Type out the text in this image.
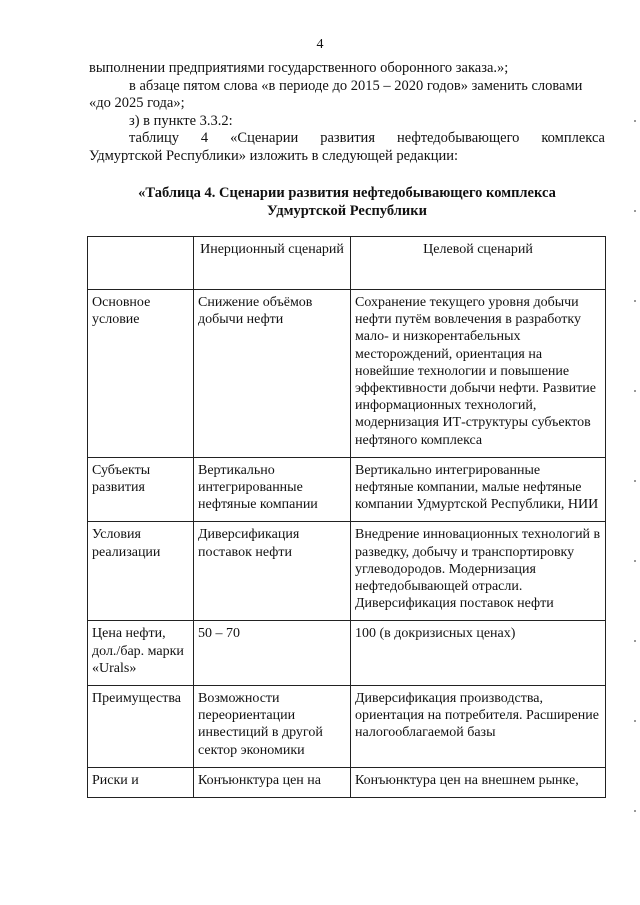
4

выполнении предприятиями государственного оборонного заказа.»;

в абзаце пятом слова «в периоде до 2015 – 2020 годов» заменить словами «до 2025 года»;

з) в пункте 3.3.2:

таблицу 4 «Сценарии развития нефтедобывающего комплекса

Удмуртской Республики» изложить в следующей редакции:

«Таблица 4. Сценарии развития нефтедобывающего комплекса
Удмуртской Республики
	Инерционный сценарий	Целевой сценарий
Основное условие	Снижение объёмов добычи нефти	Сохранение текущего уровня добычи нефти путём вовлечения в разработку мало- и низкорентабельных месторождений, ориентация на новейшие технологии и повышение эффективности добычи нефти. Развитие информационных технологий, модернизация ИТ-структуры субъектов нефтяного комплекса
Субъекты развития	Вертикально интегрированные нефтяные компании	Вертикально интегрированные нефтяные компании, малые нефтяные компании Удмуртской Республики, НИИ
Условия реализации	Диверсификация поставок нефти	Внедрение инновационных технологий в разведку, добычу и транспортировку углеводородов. Модернизация нефтедобывающей отрасли. Диверсификация поставок нефти
Цена нефти, дол./бар. марки «Urals»	50 – 70	100 (в докризисных ценах)
Преимущества	Возможности переориентации инвестиций в другой сектор экономики	Диверсификация производства, ориентация на потребителя. Расширение налогооблагаемой базы
Риски и	Конъюнктура цен на	Конъюнктура цен на внешнем рынке,
